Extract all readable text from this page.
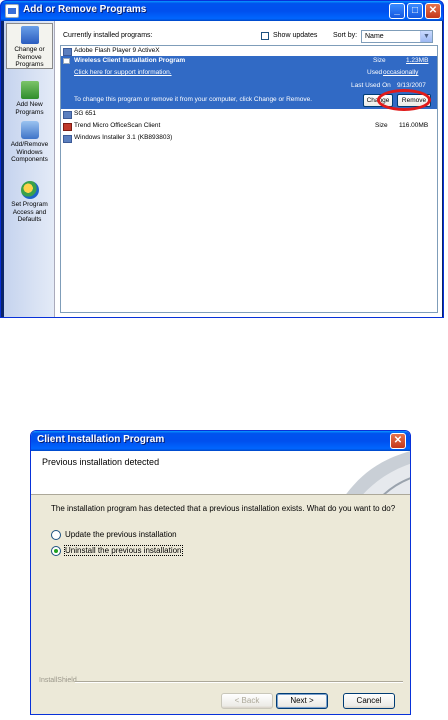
Add or Remove Programs	_	□	✕
Change or Remove Programs
Add New Programs
Add/Remove Windows Components
Set Program Access and Defaults
Currently installed programs:	Show updates Sort by:	Name	▼
Adobe Flash Player 9 ActiveX
Wireless Client Installation Program
Click here for support information.
Size	1.23MB
Used occasionally
Last Used On 9/13/2007
To change this program or remove it from your computer, click Change or Remove.	Change	Remove
SG 651
Trend Micro OfficeScan Client	Size 116.00MB
Windows Installer 3.1 (KB893803)
Client Installation Program	✕
Previous installation detected
The installation program has detected that a previous installation exists. What do you want to do?
Update the previous installation
Uninstall the previous installation
InstallShield
< Back	Next >	Cancel
